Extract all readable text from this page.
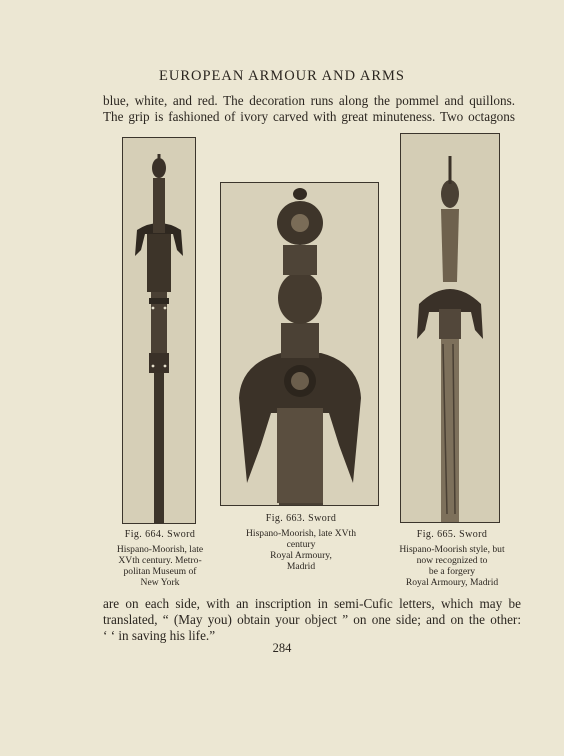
EUROPEAN ARMOUR AND ARMS
blue, white, and red. The decoration runs along the pommel and quillons.
The grip is fashioned of ivory carved with great minuteness. Two octagons
Fig. 664. Sword
Hispano-Moorish, late
XVth century. Metro-
politan Museum of
New York
Fig. 663. Sword
Hispano-Moorish, late XVth
century
Royal Armoury,
Madrid
Fig. 665. Sword
Hispano-Moorish style, but
now recognized to
be a forgery
Royal Armoury, Madrid
are on each side, with an inscription in semi-Cufic letters, which may be
translated, “ (May you) obtain your object ” on one side; and on the other:
‘ ‘ in saving his life.”
284
